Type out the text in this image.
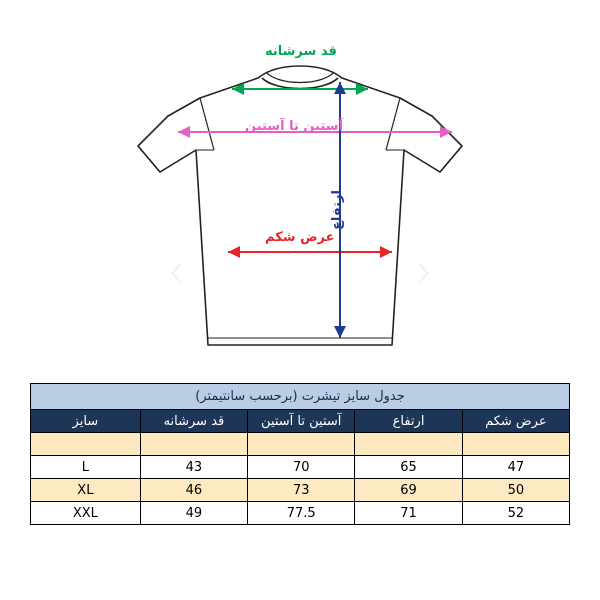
قد سرشانه
آستین تا آستین
عرض شکم
ارتفاع
جدول سایز تیشرت (برحسب سانتیمتر)				
عرض شکم	ارتفاع	آستین تا آستین	قد سرشانه	سایز

47	65	70	43	L
50	69	73	46	XL
52	71	77.5	49	XXL
